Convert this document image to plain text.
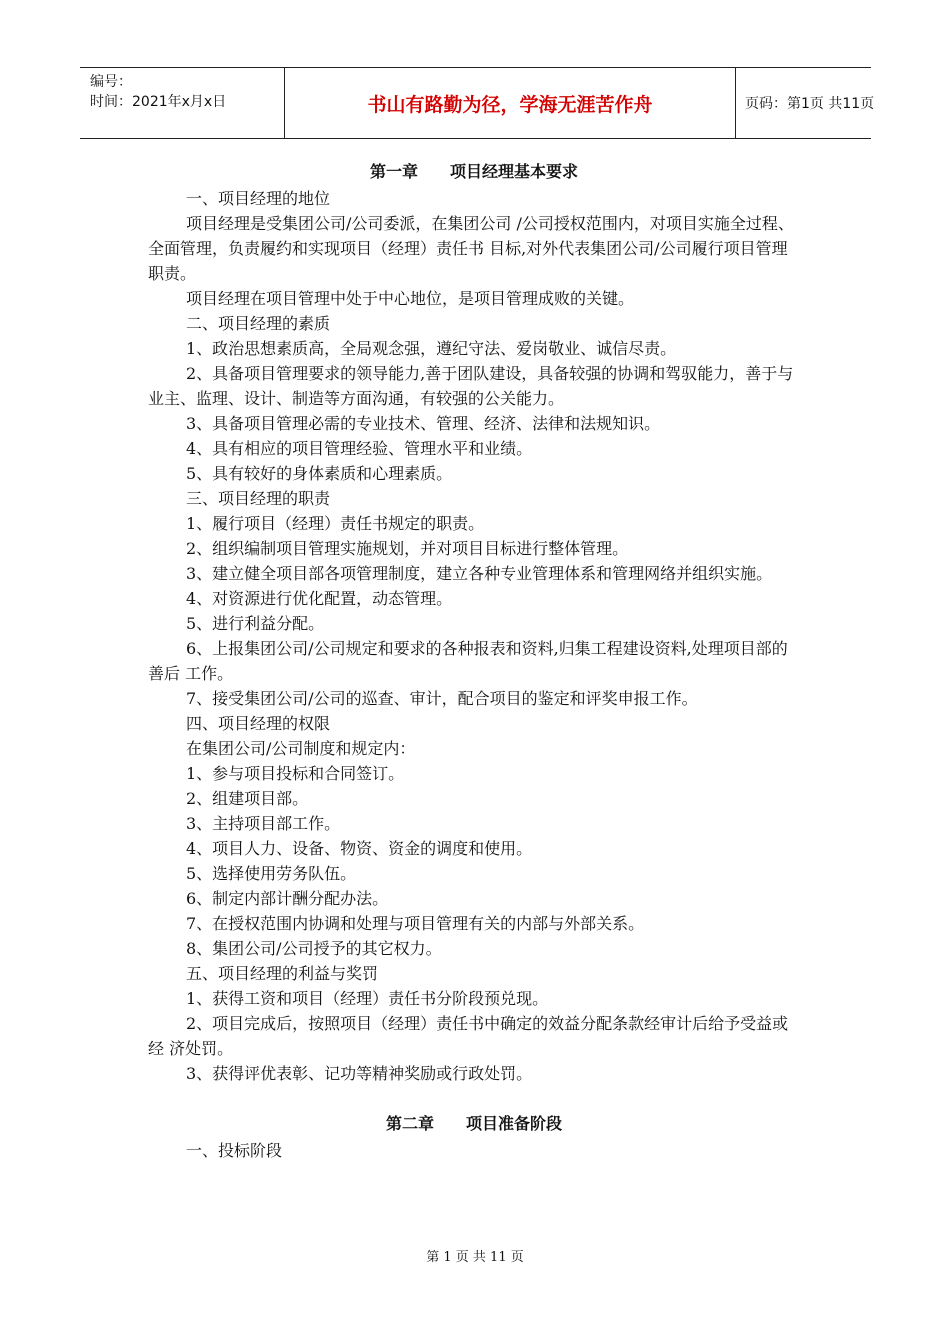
编号：
时间：2021年x月x日	书山有路勤为径，学海无涯苦作舟	页码：第1页 共11页
第一章　　项目经理基本要求

一、项目经理的地位

项目经理是受集团公司/公司委派，在集团公司 /公司授权范围内，对项目实施全过程、全面管理，负责履约和实现项目（经理）责任书 目标,对外代表集团公司/公司履行项目管理职责。

项目经理在项目管理中处于中心地位，是项目管理成败的关键。

二、项目经理的素质

1、政治思想素质高，全局观念强，遵纪守法、爱岗敬业、诚信尽责。

2、具备项目管理要求的领导能力,善于团队建设，具备较强的协调和驾驭能力，善于与业主、监理、设计、制造等方面沟通，有较强的公关能力。

3、具备项目管理必需的专业技术、管理、经济、法律和法规知识。

4、具有相应的项目管理经验、管理水平和业绩。

5、具有较好的身体素质和心理素质。

三、项目经理的职责

1、履行项目（经理）责任书规定的职责。

2、组织编制项目管理实施规划，并对项目目标进行整体管理。

3、建立健全项目部各项管理制度，建立各种专业管理体系和管理网络并组织实施。

4、对资源进行优化配置，动态管理。

5、进行利益分配。

6、上报集团公司/公司规定和要求的各种报表和资料,归集工程建设资料,处理项目部的善后 工作。

7、接受集团公司/公司的巡查、审计，配合项目的鉴定和评奖申报工作。

四、项目经理的权限

在集团公司/公司制度和规定内：

1、参与项目投标和合同签订。

2、组建项目部。

3、主持项目部工作。

4、项目人力、设备、物资、资金的调度和使用。

5、选择使用劳务队伍。

6、制定内部计酬分配办法。

7、在授权范围内协调和处理与项目管理有关的内部与外部关系。

8、集团公司/公司授予的其它权力。

五、项目经理的利益与奖罚

1、获得工资和项目（经理）责任书分阶段预兑现。

2、项目完成后，按照项目（经理）责任书中确定的效益分配条款经审计后给予受益或经 济处罚。

3、获得评优表彰、记功等精神奖励或行政处罚。

第二章　　项目准备阶段

一、投标阶段

第 1 页 共 11 页
